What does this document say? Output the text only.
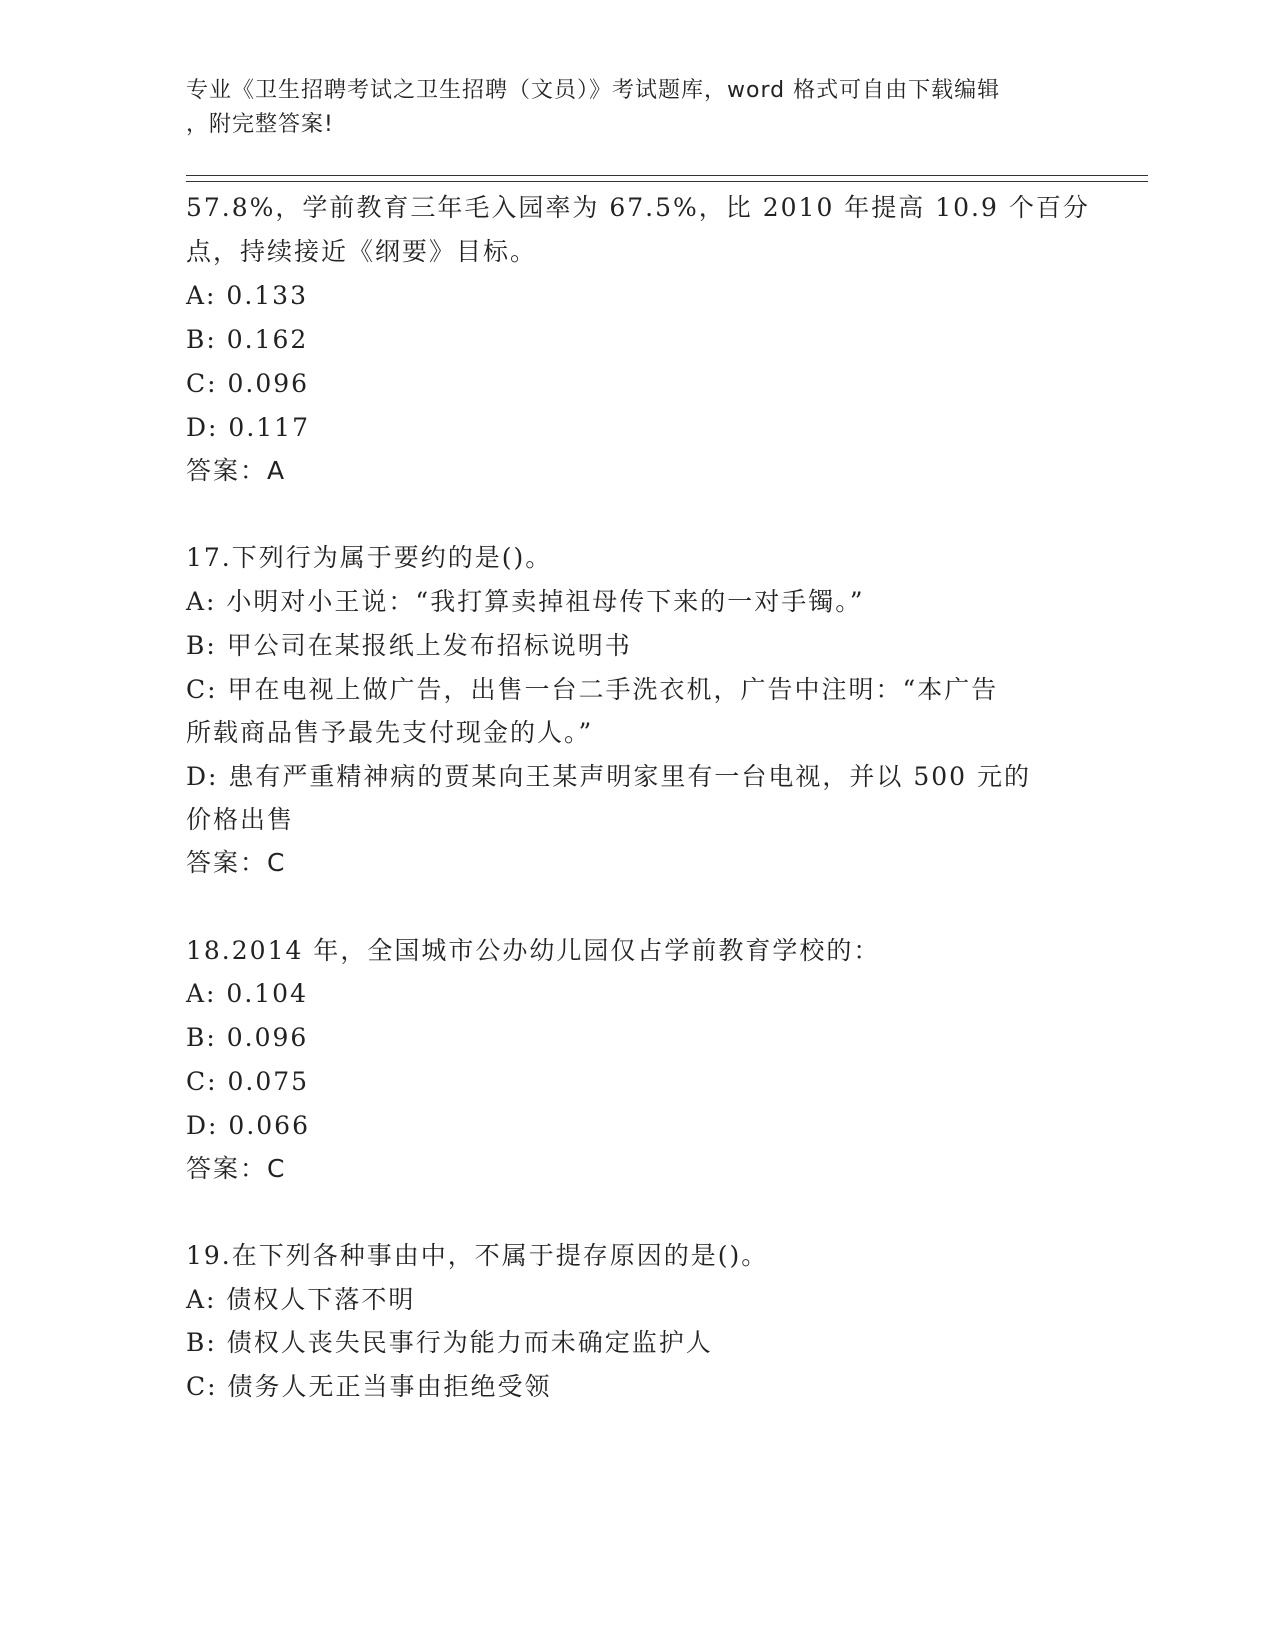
专业《卫生招聘考试之卫生招聘（文员）》考试题库，word 格式可自由下载编辑
，附完整答案!
57.8%，学前教育三年毛入园率为 67.5%，比 2010 年提高 10.9 个百分
点，持续接近《纲要》目标。
A: 0.133
B: 0.162
C: 0.096
D: 0.117
答案：A
17.下列行为属于要约的是()。
A: 小明对小王说：“我打算卖掉祖母传下来的一对手镯。”
B: 甲公司在某报纸上发布招标说明书
C: 甲在电视上做广告，出售一台二手洗衣机，广告中注明：“本广告
所载商品售予最先支付现金的人。”
D: 患有严重精神病的贾某向王某声明家里有一台电视，并以 500 元的
价格出售
答案：C
18.2014 年，全国城市公办幼儿园仅占学前教育学校的：
A: 0.104
B: 0.096
C: 0.075
D: 0.066
答案：C
19.在下列各种事由中，不属于提存原因的是()。
A: 债权人下落不明
B: 债权人丧失民事行为能力而未确定监护人
C: 债务人无正当事由拒绝受领
